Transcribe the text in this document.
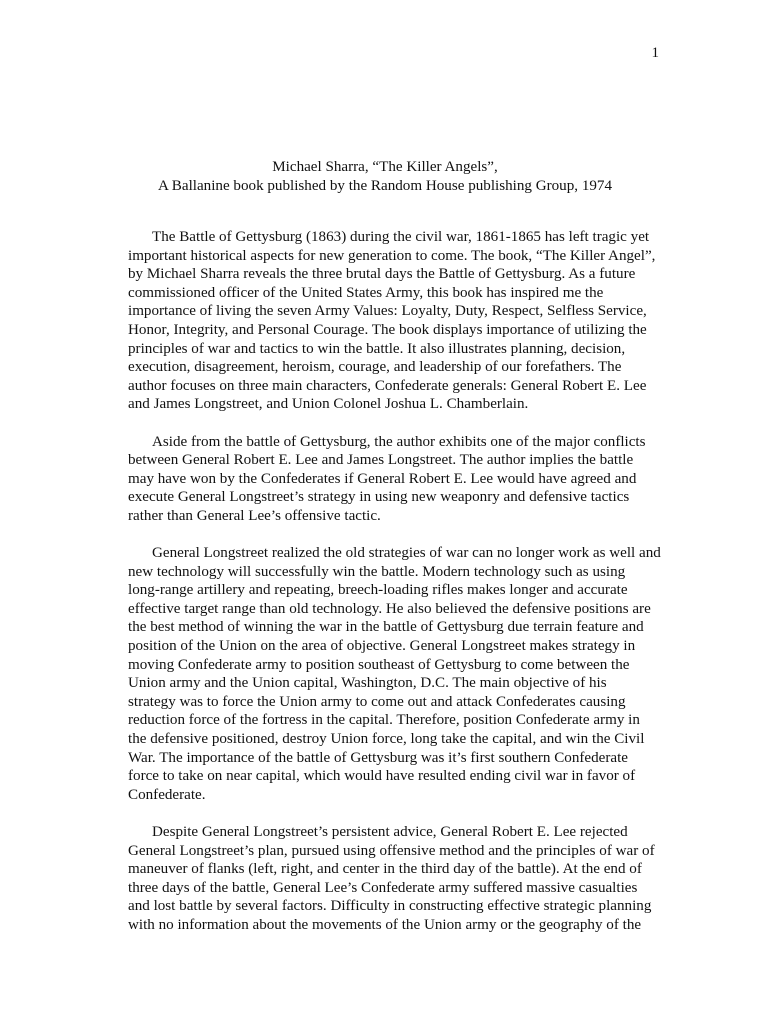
1
Michael Sharra, “The Killer Angels”,
A Ballanine book published by the Random House publishing Group, 1974
The Battle of Gettysburg (1863) during the civil war, 1861-1865 has left tragic yet
important historical aspects for new generation to come. The book, “The Killer Angel”,
by Michael Sharra reveals the three brutal days the Battle of Gettysburg. As a future
commissioned officer of the United States Army, this book has inspired me the
importance of living the seven Army Values: Loyalty, Duty, Respect, Selfless Service,
Honor, Integrity, and Personal Courage. The book displays importance of utilizing the
principles of war and tactics to win the battle. It also illustrates planning, decision,
execution, disagreement, heroism, courage, and leadership of our forefathers. The
author focuses on three main characters, Confederate generals: General Robert E. Lee
and James Longstreet, and Union Colonel Joshua L. Chamberlain.
Aside from the battle of Gettysburg, the author exhibits one of the major conflicts
between General Robert E. Lee and James Longstreet. The author implies the battle
may have won by the Confederates if General Robert E. Lee would have agreed and
execute General Longstreet’s strategy in using new weaponry and defensive tactics
rather than General Lee’s offensive tactic.
General Longstreet realized the old strategies of war can no longer work as well and
new technology will successfully win the battle. Modern technology such as using
long-range artillery and repeating, breech-loading rifles makes longer and accurate
effective target range than old technology. He also believed the defensive positions are
the best method of winning the war in the battle of Gettysburg due terrain feature and
position of the Union on the area of objective. General Longstreet makes strategy in
moving Confederate army to position southeast of Gettysburg to come between the
Union army and the Union capital, Washington, D.C. The main objective of his
strategy was to force the Union army to come out and attack Confederates causing
reduction force of the fortress in the capital. Therefore, position Confederate army in
the defensive positioned, destroy Union force, long take the capital, and win the Civil
War. The importance of the battle of Gettysburg was it’s first southern Confederate
force to take on near capital, which would have resulted ending civil war in favor of
Confederate.
Despite General Longstreet’s persistent advice, General Robert E. Lee rejected
General Longstreet’s plan, pursued using offensive method and the principles of war of
maneuver of flanks (left, right, and center in the third day of the battle). At the end of
three days of the battle, General Lee’s Confederate army suffered massive casualties
and lost battle by several factors. Difficulty in constructing effective strategic planning
with no information about the movements of the Union army or the geography of the
